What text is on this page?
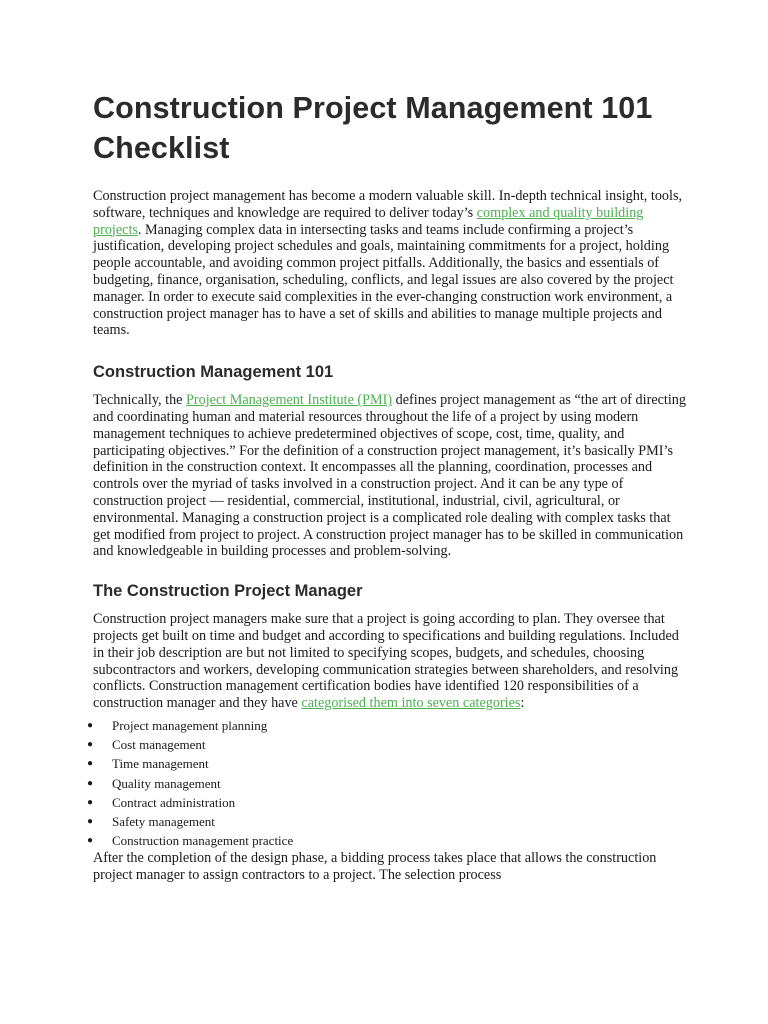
Construction Project Management 101 Checklist

Construction project management has become a modern valuable skill. In-depth technical insight, tools, software, techniques and knowledge are required to deliver today’s complex and quality building projects. Managing complex data in intersecting tasks and teams include confirming a project’s justification, developing project schedules and goals, maintaining commitments for a project, holding people accountable, and avoiding common project pitfalls. Additionally, the basics and essentials of budgeting, finance, organisation, scheduling, conflicts, and legal issues are also covered by the project manager. In order to execute said complexities in the ever-changing construction work environment, a construction project manager has to have a set of skills and abilities to manage multiple projects and teams.

Construction Management 101

Technically, the Project Management Institute (PMI) defines project management as “the art of directing and coordinating human and material resources throughout the life of a project by using modern management techniques to achieve predetermined objectives of scope, cost, time, quality, and participating objectives.” For the definition of a construction project management, it’s basically PMI’s definition in the construction context. It encompasses all the planning, coordination, processes and controls over the myriad of tasks involved in a construction project. And it can be any type of construction project — residential, commercial, institutional, industrial, civil, agricultural, or environmental. Managing a construction project is a complicated role dealing with complex tasks that get modified from project to project. A construction project manager has to be skilled in communication and knowledgeable in building processes and problem-solving.

The Construction Project Manager

Construction project managers make sure that a project is going according to plan. They oversee that projects get built on time and budget and according to specifications and building regulations. Included in their job description are but not limited to specifying scopes, budgets, and schedules, choosing subcontractors and workers, developing communication strategies between shareholders, and resolving conflicts. Construction management certification bodies have identified 120 responsibilities of a construction manager and they have categorised them into seven categories:

● Project management planning
● Cost management
● Time management
● Quality management
● Contract administration
● Safety management
● Construction management practice

After the completion of the design phase, a bidding process takes place that allows the construction project manager to assign contractors to a project. The selection process
